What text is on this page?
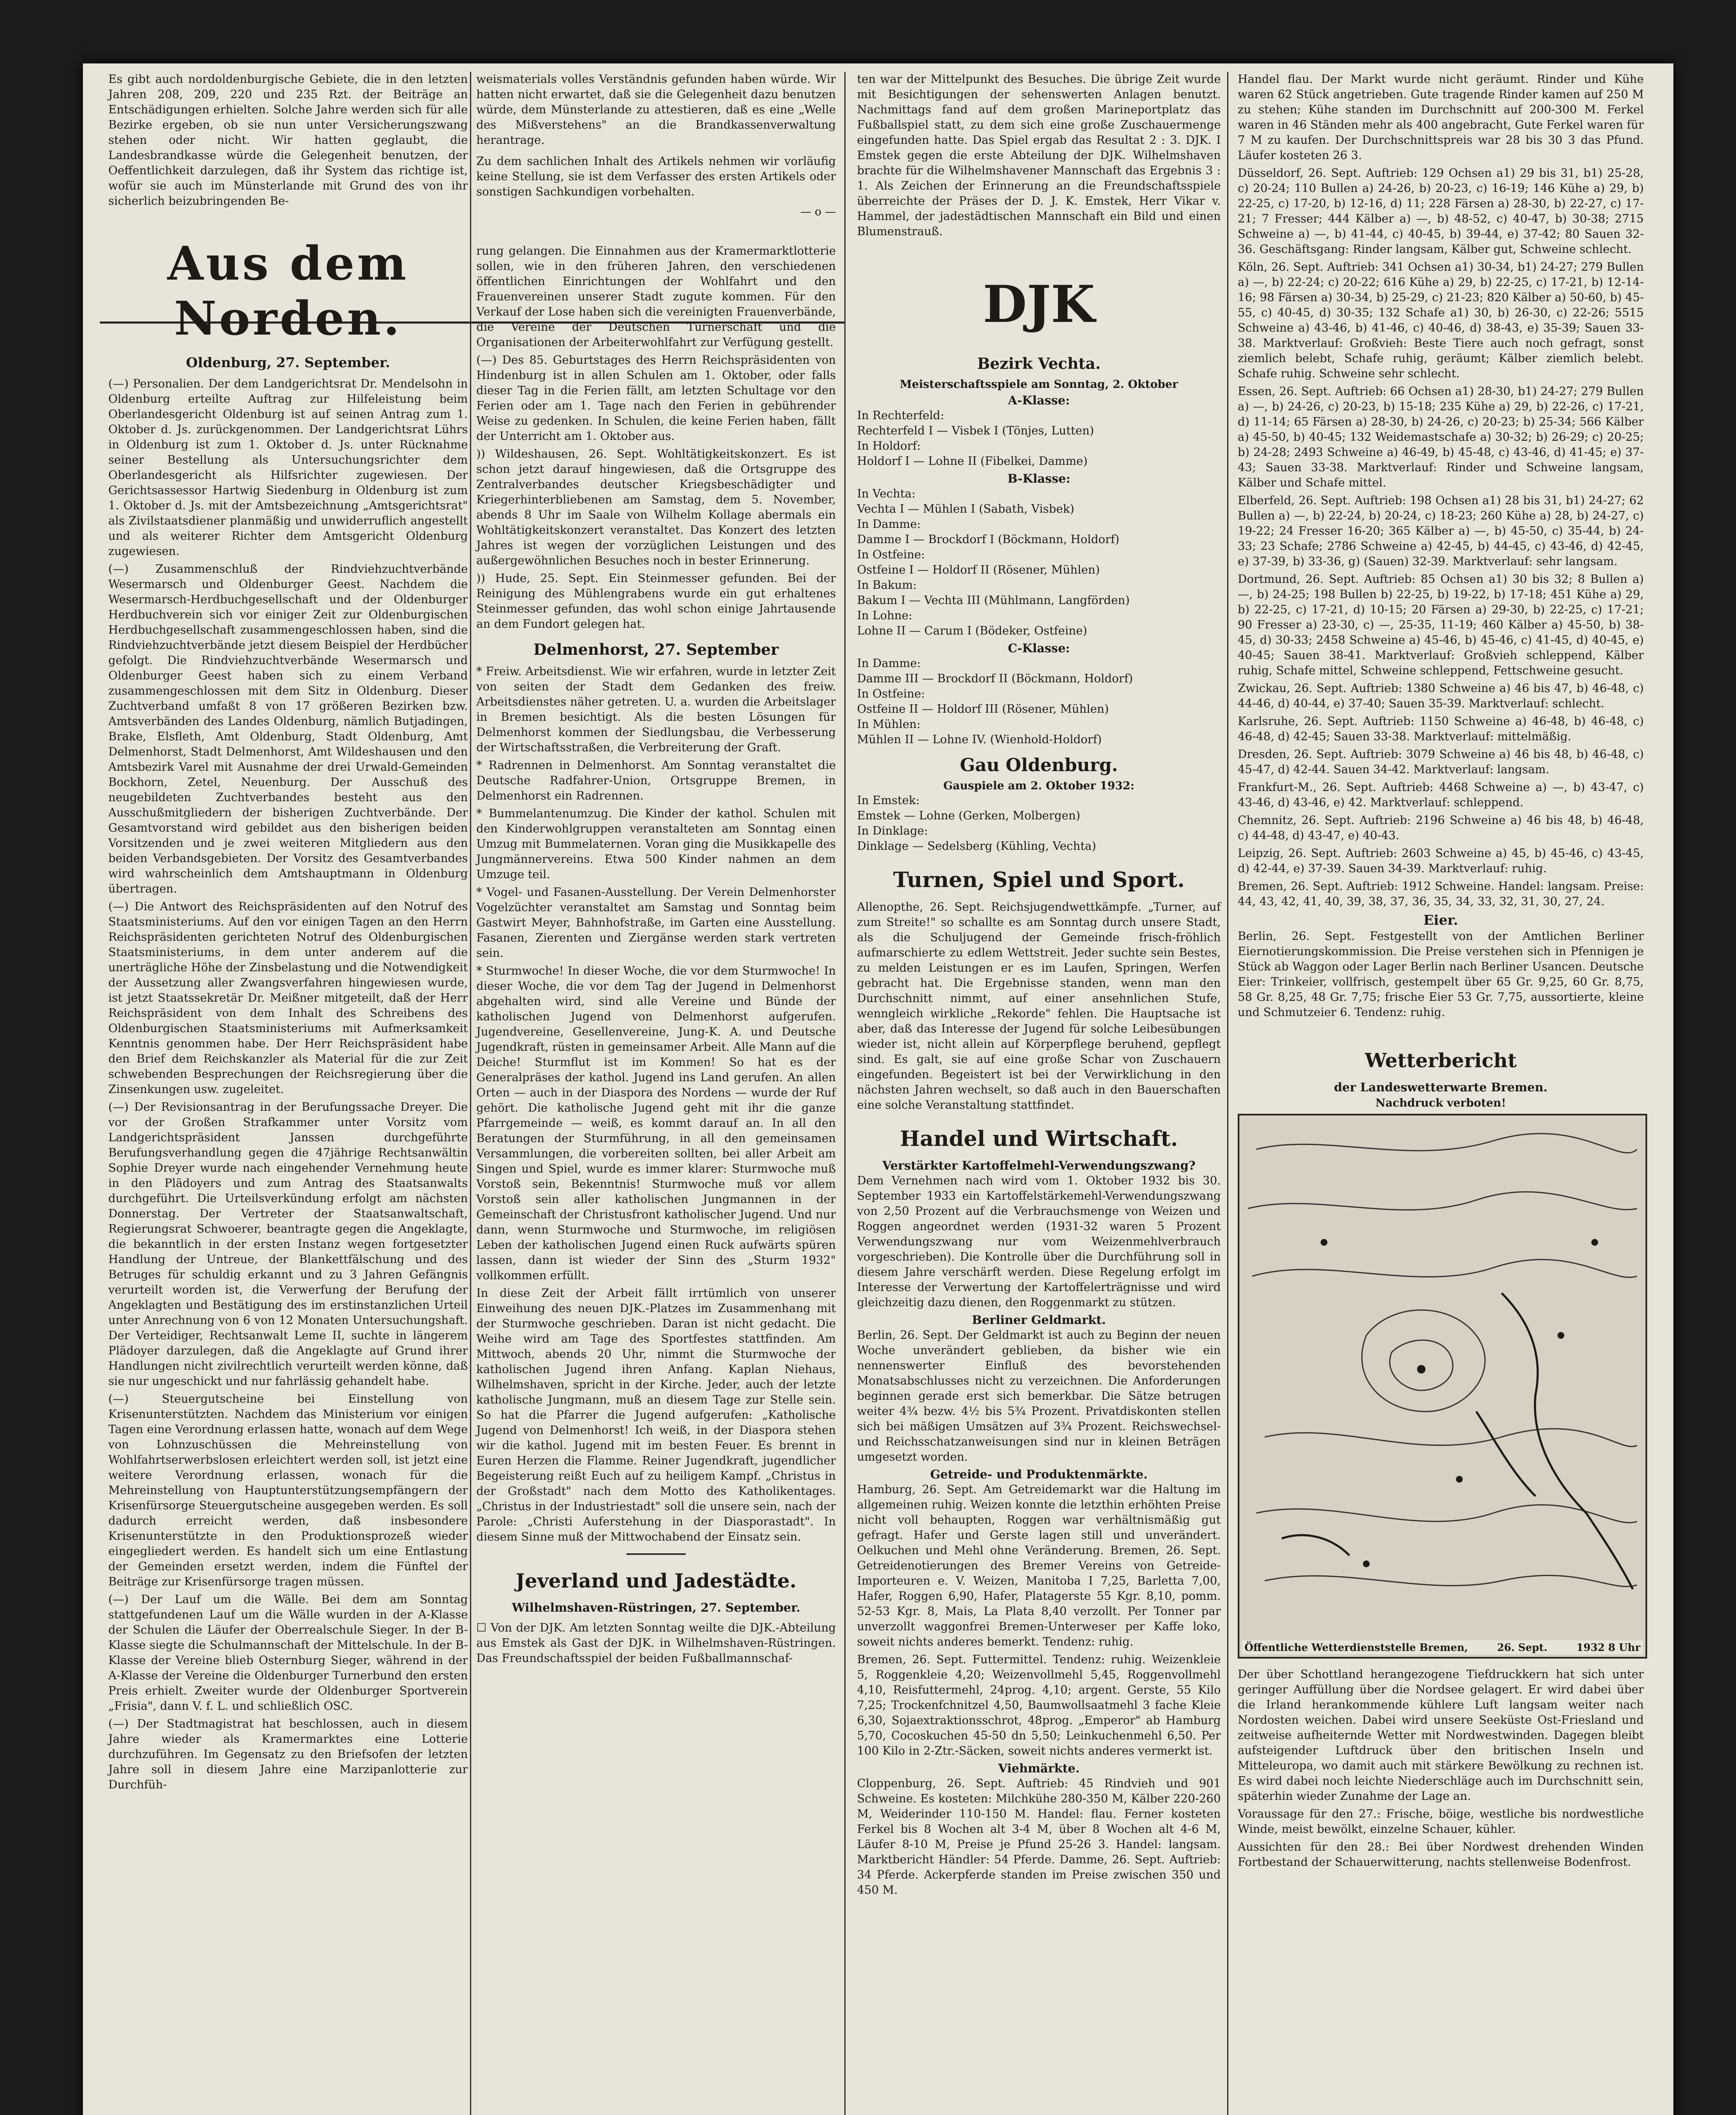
Es gibt auch nordoldenburgische Gebiete, die in den letzten Jahren 208, 209, 220 und 235 Rzt. der Beiträge an Entschädigungen erhielten. Solche Jahre werden sich für alle Bezirke ergeben, ob sie nun unter Versicherungszwang stehen oder nicht. Wir hatten geglaubt, die Landesbrandkasse würde die Gelegenheit benutzen, der Oeffentlichkeit darzulegen, daß ihr System das richtige ist, wofür sie auch im Münsterlande mit Grund des von ihr sicherlich beizubringenden Be-

Aus dem Norden.
Oldenburg, 27. September.

(—) Personalien. Der dem Landgerichtsrat Dr. Mendelsohn in Oldenburg erteilte Auftrag zur Hilfeleistung beim Oberlandesgericht Oldenburg ist auf seinen Antrag zum 1. Oktober d. Js. zurückgenommen. Der Landgerichtsrat Lührs in Oldenburg ist zum 1. Oktober d. Js. unter Rücknahme seiner Bestellung als Untersuchungsrichter dem Oberlandesgericht als Hilfsrichter zugewiesen. Der Gerichtsassessor Hartwig Siedenburg in Oldenburg ist zum 1. Oktober d. Js. mit der Amtsbezeichnung „Amtsgerichtsrat" als Zivilstaatsdiener planmäßig und unwiderruflich angestellt und als weiterer Richter dem Amtsgericht Oldenburg zugewiesen.

(—) Zusammenschluß der Rindviehzuchtverbände Wesermarsch und Oldenburger Geest. Nachdem die Wesermarsch-Herdbuchgesellschaft und der Oldenburger Herdbuchverein sich vor einiger Zeit zur Oldenburgischen Herdbuchgesellschaft zusammengeschlossen haben, sind die Rindviehzuchtverbände jetzt diesem Beispiel der Herdbücher gefolgt. Die Rindviehzuchtverbände Wesermarsch und Oldenburger Geest haben sich zu einem Verband zusammengeschlossen mit dem Sitz in Oldenburg. Dieser Zuchtverband umfaßt 8 von 17 größeren Bezirken bzw. Amtsverbänden des Landes Oldenburg, nämlich Butjadingen, Brake, Elsfleth, Amt Oldenburg, Stadt Oldenburg, Amt Delmenhorst, Stadt Delmenhorst, Amt Wildeshausen und den Amtsbezirk Varel mit Ausnahme der drei Urwald-Gemeinden Bockhorn, Zetel, Neuenburg. Der Ausschuß des neugebildeten Zuchtverbandes besteht aus den Ausschußmitgliedern der bisherigen Zuchtverbände. Der Gesamtvorstand wird gebildet aus den bisherigen beiden Vorsitzenden und je zwei weiteren Mitgliedern aus den beiden Verbandsgebieten. Der Vorsitz des Gesamtverbandes wird wahrscheinlich dem Amtshauptmann in Oldenburg übertragen.

(—) Die Antwort des Reichspräsidenten auf den Notruf des Staatsministeriums. Auf den vor einigen Tagen an den Herrn Reichspräsidenten gerichteten Notruf des Oldenburgischen Staatsministeriums, in dem unter anderem auf die unerträgliche Höhe der Zinsbelastung und die Notwendigkeit der Aussetzung aller Zwangsverfahren hingewiesen wurde, ist jetzt Staatssekretär Dr. Meißner mitgeteilt, daß der Herr Reichspräsident von dem Inhalt des Schreibens des Oldenburgischen Staatsministeriums mit Aufmerksamkeit Kenntnis genommen habe. Der Herr Reichspräsident habe den Brief dem Reichskanzler als Material für die zur Zeit schwebenden Besprechungen der Reichsregierung über die Zinsenkungen usw. zugeleitet.

(—) Der Revisionsantrag in der Berufungssache Dreyer. Die vor der Großen Strafkammer unter Vorsitz vom Landgerichtspräsident Janssen durchgeführte Berufungsverhandlung gegen die 47jährige Rechtsanwältin Sophie Dreyer wurde nach eingehender Vernehmung heute in den Plädoyers und zum Antrag des Staatsanwalts durchgeführt. Die Urteilsverkündung erfolgt am nächsten Donnerstag. Der Vertreter der Staatsanwaltschaft, Regierungsrat Schwoerer, beantragte gegen die Angeklagte, die bekanntlich in der ersten Instanz wegen fortgesetzter Handlung der Untreue, der Blankettfälschung und des Betruges für schuldig erkannt und zu 3 Jahren Gefängnis verurteilt worden ist, die Verwerfung der Berufung der Angeklagten und Bestätigung des im erstinstanzlichen Urteil unter Anrechnung von 6 von 12 Monaten Untersuchungshaft. Der Verteidiger, Rechtsanwalt Leme II, suchte in längerem Plädoyer darzulegen, daß die Angeklagte auf Grund ihrer Handlungen nicht zivilrechtlich verurteilt werden könne, daß sie nur ungeschickt und nur fahrlässig gehandelt habe.

(—) Steuergutscheine bei Einstellung von Krisenunterstützten. Nachdem das Ministerium vor einigen Tagen eine Verordnung erlassen hatte, wonach auf dem Wege von Lohnzuschüssen die Mehreinstellung von Wohlfahrtserwerbslosen erleichtert werden soll, ist jetzt eine weitere Verordnung erlassen, wonach für die Mehreinstellung von Hauptunterstützungsempfängern der Krisenfürsorge Steuergutscheine ausgegeben werden. Es soll dadurch erreicht werden, daß insbesondere Krisenunterstützte in den Produktionsprozeß wieder eingegliedert werden. Es handelt sich um eine Entlastung der Gemeinden ersetzt werden, indem die Fünftel der Beiträge zur Krisenfürsorge tragen müssen.

(—) Der Lauf um die Wälle. Bei dem am Sonntag stattgefundenen Lauf um die Wälle wurden in der A-Klasse der Schulen die Läufer der Oberrealschule Sieger. In der B-Klasse siegte die Schulmannschaft der Mittelschule. In der B-Klasse der Vereine blieb Osternburg Sieger, während in der A-Klasse der Vereine die Oldenburger Turnerbund den ersten Preis erhielt. Zweiter wurde der Oldenburger Sportverein „Frisia", dann V. f. L. und schließlich OSC.

(—) Der Stadtmagistrat hat beschlossen, auch in diesem Jahre wieder als Kramermarktes eine Lotterie durchzuführen. Im Gegensatz zu den Briefsofen der letzten Jahre soll in diesem Jahre eine Marzipanlotterie zur Durchfüh-

weismaterials volles Verständnis gefunden haben würde. Wir hatten nicht erwartet, daß sie die Gelegenheit dazu benutzen würde, dem Münsterlande zu attestieren, daß es eine „Welle des Mißverstehens" an die Brandkassenverwaltung herantrage.

Zu dem sachlichen Inhalt des Artikels nehmen wir vorläufig keine Stellung, sie ist dem Verfasser des ersten Artikels oder sonstigen Sachkundigen vorbehalten.

— o —

rung gelangen. Die Einnahmen aus der Kramermarktlotterie sollen, wie in den früheren Jahren, den verschiedenen öffentlichen Einrichtungen der Wohlfahrt und den Frauenvereinen unserer Stadt zugute kommen. Für den Verkauf der Lose haben sich die vereinigten Frauenverbände, die Vereine der Deutschen Turnerschaft und die Organisationen der Arbeiterwohlfahrt zur Verfügung gestellt.

(—) Des 85. Geburtstages des Herrn Reichspräsidenten von Hindenburg ist in allen Schulen am 1. Oktober, oder falls dieser Tag in die Ferien fällt, am letzten Schultage vor den Ferien oder am 1. Tage nach den Ferien in gebührender Weise zu gedenken. In Schulen, die keine Ferien haben, fällt der Unterricht am 1. Oktober aus.

)) Wildeshausen, 26. Sept. Wohltätigkeitskonzert. Es ist schon jetzt darauf hingewiesen, daß die Ortsgruppe des Zentralverbandes deutscher Kriegsbeschädigter und Kriegerhinterbliebenen am Samstag, dem 5. November, abends 8 Uhr im Saale von Wilhelm Kollage abermals ein Wohltätigkeitskonzert veranstaltet. Das Konzert des letzten Jahres ist wegen der vorzüglichen Leistungen und des außergewöhnlichen Besuches noch in bester Erinnerung.

)) Hude, 25. Sept. Ein Steinmesser gefunden. Bei der Reinigung des Mühlengrabens wurde ein gut erhaltenes Steinmesser gefunden, das wohl schon einige Jahrtausende an dem Fundort gelegen hat.

Delmenhorst, 27. September

* Freiw. Arbeitsdienst. Wie wir erfahren, wurde in letzter Zeit von seiten der Stadt dem Gedanken des freiw. Arbeitsdienstes näher getreten. U. a. wurden die Arbeitslager in Bremen besichtigt. Als die besten Lösungen für Delmenhorst kommen der Siedlungsbau, die Verbesserung der Wirtschaftsstraßen, die Verbreiterung der Graft.

* Radrennen in Delmenhorst. Am Sonntag veranstaltet die Deutsche Radfahrer-Union, Ortsgruppe Bremen, in Delmenhorst ein Radrennen.

* Bummelantenumzug. Die Kinder der kathol. Schulen mit den Kinderwohlgruppen veranstalteten am Sonntag einen Umzug mit Bummelaternen. Voran ging die Musikkapelle des Jungmännervereins. Etwa 500 Kinder nahmen an dem Umzuge teil.

* Vogel- und Fasanen-Ausstellung. Der Verein Delmenhorster Vogelzüchter veranstaltet am Samstag und Sonntag beim Gastwirt Meyer, Bahnhofstraße, im Garten eine Ausstellung. Fasanen, Zierenten und Ziergänse werden stark vertreten sein.

* Sturmwoche! In dieser Woche, die vor dem Sturmwoche! In dieser Woche, die vor dem Tag der Jugend in Delmenhorst abgehalten wird, sind alle Vereine und Bünde der katholischen Jugend von Delmenhorst aufgerufen. Jugendvereine, Gesellenvereine, Jung-K. A. und Deutsche Jugendkraft, rüsten in gemeinsamer Arbeit. Alle Mann auf die Deiche! Sturmflut ist im Kommen! So hat es der Generalpräses der kathol. Jugend ins Land gerufen. An allen Orten — auch in der Diaspora des Nordens — wurde der Ruf gehört. Die katholische Jugend geht mit ihr die ganze Pfarrgemeinde — weiß, es kommt darauf an. In all den Beratungen der Sturmführung, in all den gemeinsamen Versammlungen, die vorbereiten sollten, bei aller Arbeit am Singen und Spiel, wurde es immer klarer: Sturmwoche muß Vorstoß sein, Bekenntnis! Sturmwoche muß vor allem Vorstoß sein aller katholischen Jungmannen in der Gemeinschaft der Christusfront katholischer Jugend. Und nur dann, wenn Sturmwoche und Sturmwoche, im religiösen Leben der katholischen Jugend einen Ruck aufwärts spüren lassen, dann ist wieder der Sinn des „Sturm 1932" vollkommen erfüllt.

In diese Zeit der Arbeit fällt irrtümlich von unserer Einweihung des neuen DJK.-Platzes im Zusammenhang mit der Sturmwoche geschrieben. Daran ist nicht gedacht. Die Weihe wird am Tage des Sportfestes stattfinden. Am Mittwoch, abends 20 Uhr, nimmt die Sturmwoche der katholischen Jugend ihren Anfang. Kaplan Niehaus, Wilhelmshaven, spricht in der Kirche. Jeder, auch der letzte katholische Jungmann, muß an diesem Tage zur Stelle sein. So hat die Pfarrer die Jugend aufgerufen: „Katholische Jugend von Delmenhorst! Ich weiß, in der Diaspora stehen wir die kathol. Jugend mit im besten Feuer. Es brennt in Euren Herzen die Flamme. Reiner Jugendkraft, jugendlicher Begeisterung reißt Euch auf zu heiligem Kampf. „Christus in der Großstadt" nach dem Motto des Katholikentages. „Christus in der Industriestadt" soll die unsere sein, nach der Parole: „Christi Auferstehung in der Diasporastadt". In diesem Sinne muß der Mittwochabend der Einsatz sein.

Jeverland und Jadestädte.
Wilhelmshaven-Rüstringen, 27. September.

☐ Von der DJK. Am letzten Sonntag weilte die DJK.-Abteilung aus Emstek als Gast der DJK. in Wilhelmshaven-Rüstringen. Das Freundschaftsspiel der beiden Fußballmannschaf-

ten war der Mittelpunkt des Besuches. Die übrige Zeit wurde mit Besichtigungen der sehenswerten Anlagen benutzt. Nachmittags fand auf dem großen Marineportplatz das Fußballspiel statt, zu dem sich eine große Zuschauermenge eingefunden hatte. Das Spiel ergab das Resultat 2 : 3. DJK. I Emstek gegen die erste Abteilung der DJK. Wilhelmshaven brachte für die Wilhelmshavener Mannschaft das Ergebnis 3 : 1. Als Zeichen der Erinnerung an die Freundschaftsspiele überreichte der Präses der D. J. K. Emstek, Herr Vikar v. Hammel, der jadestädtischen Mannschaft ein Bild und einen Blumenstrauß.

DJK
Bezirk Vechta.
Meisterschaftsspiele am Sonntag, 2. Oktober
A-Klasse:

In Rechterfeld:

Rechterfeld I — Visbek I (Tönjes, Lutten)

In Holdorf:

Holdorf I — Lohne II (Fibelkei, Damme)

B-Klasse:

In Vechta:

Vechta I — Mühlen I (Sabath, Visbek)

In Damme:

Damme I — Brockdorf I (Böckmann, Holdorf)

In Ostfeine:

Ostfeine I — Holdorf II (Rösener, Mühlen)

In Bakum:

Bakum I — Vechta III (Mühlmann, Langförden)

In Lohne:

Lohne II — Carum I (Bödeker, Ostfeine)

C-Klasse:

In Damme:

Damme III — Brockdorf II (Böckmann, Holdorf)

In Ostfeine:

Ostfeine II — Holdorf III (Rösener, Mühlen)

In Mühlen:

Mühlen II — Lohne IV. (Wienhold-Holdorf)

Gau Oldenburg.
Gauspiele am 2. Oktober 1932:

In Emstek:

Emstek — Lohne (Gerken, Molbergen)

In Dinklage:

Dinklage — Sedelsberg (Kühling, Vechta)

Turnen, Spiel und Sport.

Allenopthe, 26. Sept. Reichsjugendwettkämpfe. „Turner, auf zum Streite!" so schallte es am Sonntag durch unsere Stadt, als die Schuljugend der Gemeinde frisch-fröhlich aufmarschierte zu edlem Wettstreit. Jeder suchte sein Bestes, zu melden Leistungen er es im Laufen, Springen, Werfen gebracht hat. Die Ergebnisse standen, wenn man den Durchschnitt nimmt, auf einer ansehnlichen Stufe, wenngleich wirkliche „Rekorde" fehlen. Die Hauptsache ist aber, daß das Interesse der Jugend für solche Leibesübungen wieder ist, nicht allein auf Körperpflege beruhend, gepflegt sind. Es galt, sie auf eine große Schar von Zuschauern eingefunden. Begeistert ist bei der Verwirklichung in den nächsten Jahren wechselt, so daß auch in den Bauerschaften eine solche Veranstaltung stattfindet.

Handel und Wirtschaft.
Verstärkter Kartoffelmehl-Verwendungszwang?

Dem Vernehmen nach wird vom 1. Oktober 1932 bis 30. September 1933 ein Kartoffelstärkemehl-Verwendungszwang von 2,50 Prozent auf die Verbrauchsmenge von Weizen und Roggen angeordnet werden (1931-32 waren 5 Prozent Verwendungszwang nur vom Weizenmehlverbrauch vorgeschrieben). Die Kontrolle über die Durchführung soll in diesem Jahre verschärft werden. Diese Regelung erfolgt im Interesse der Verwertung der Kartoffelerträgnisse und wird gleichzeitig dazu dienen, den Roggenmarkt zu stützen.

Berliner Geldmarkt.

Berlin, 26. Sept. Der Geldmarkt ist auch zu Beginn der neuen Woche unverändert geblieben, da bisher wie ein nennenswerter Einfluß des bevorstehenden Monatsabschlusses nicht zu verzeichnen. Die Anforderungen beginnen gerade erst sich bemerkbar. Die Sätze betrugen weiter 4¾ bezw. 4½ bis 5¾ Prozent. Privatdiskonten stellen sich bei mäßigen Umsätzen auf 3¾ Prozent. Reichswechsel- und Reichsschatzanweisungen sind nur in kleinen Beträgen umgesetzt worden.

Getreide- und Produktenmärkte.

Hamburg, 26. Sept. Am Getreidemarkt war die Haltung im allgemeinen ruhig. Weizen konnte die letzthin erhöhten Preise nicht voll behaupten, Roggen war verhältnismäßig gut gefragt. Hafer und Gerste lagen still und unverändert. Oelkuchen und Mehl ohne Veränderung. Bremen, 26. Sept. Getreidenotierungen des Bremer Vereins von Getreide-Importeuren e. V. Weizen, Manitoba I 7,25, Barletta 7,00, Hafer, Roggen 6,90, Hafer, Platagerste 55 Kgr. 8,10, pomm. 52-53 Kgr. 8, Mais, La Plata 8,40 verzollt. Per Tonner par unverzollt waggonfrei Bremen-Unterweser per Kaffe loko, soweit nichts anderes bemerkt. Tendenz: ruhig.

Bremen, 26. Sept. Futtermittel. Tendenz: ruhig. Weizenkleie 5, Roggenkleie 4,20; Weizenvollmehl 5,45, Roggenvollmehl 4,10, Reisfuttermehl, 24prog. 4,10; argent. Gerste, 55 Kilo 7,25; Trockenfchnitzel 4,50, Baumwollsaatmehl 3 fache Kleie 6,30, Sojaextraktionsschrot, 48prog. „Emperor" ab Hamburg 5,70, Cocoskuchen 45-50 dn 5,50; Leinkuchenmehl 6,50. Per 100 Kilo in 2-Ztr.-Säcken, soweit nichts anderes vermerkt ist.

Viehmärkte.

Cloppenburg, 26. Sept. Auftrieb: 45 Rindvieh und 901 Schweine. Es kosteten: Milchkühe 280-350 M, Kälber 220-260 M, Weiderinder 110-150 M. Handel: flau. Ferner kosteten Ferkel bis 8 Wochen alt 3-4 M, über 8 Wochen alt 4-6 M, Läufer 8-10 M, Preise je Pfund 25-26 3. Handel: langsam. Marktbericht Händler: 54 Pferde. Damme, 26. Sept. Auftrieb: 34 Pferde. Ackerpferde standen im Preise zwischen 350 und 450 M.

Handel flau. Der Markt wurde nicht geräumt. Rinder und Kühe waren 62 Stück angetrieben. Gute tragende Rinder kamen auf 250 M zu stehen; Kühe standen im Durchschnitt auf 200-300 M. Ferkel waren in 46 Ständen mehr als 400 angebracht, Gute Ferkel waren für 7 M zu kaufen. Der Durchschnittspreis war 28 bis 30 3 das Pfund. Läufer kosteten 26 3.

Düsseldorf, 26. Sept. Auftrieb: 129 Ochsen a1) 29 bis 31, b1) 25-28, c) 20-24; 110 Bullen a) 24-26, b) 20-23, c) 16-19; 146 Kühe a) 29, b) 22-25, c) 17-20, b) 12-16, d) 11; 228 Färsen a) 28-30, b) 22-27, c) 17-21; 7 Fresser; 444 Kälber a) —, b) 48-52, c) 40-47, b) 30-38; 2715 Schweine a) —, b) 41-44, c) 40-45, b) 39-44, e) 37-42; 80 Sauen 32-36. Geschäftsgang: Rinder langsam, Kälber gut, Schweine schlecht.

Köln, 26. Sept. Auftrieb: 341 Ochsen a1) 30-34, b1) 24-27; 279 Bullen a) —, b) 22-24; c) 20-22; 616 Kühe a) 29, b) 22-25, c) 17-21, b) 12-14-16; 98 Färsen a) 30-34, b) 25-29, c) 21-23; 820 Kälber a) 50-60, b) 45-55, c) 40-45, d) 30-35; 132 Schafe a1) 30, b) 26-30, c) 22-26; 5515 Schweine a) 43-46, b) 41-46, c) 40-46, d) 38-43, e) 35-39; Sauen 33-38. Marktverlauf: Großvieh: Beste Tiere auch noch gefragt, sonst ziemlich belebt, Schafe ruhig, geräumt; Kälber ziemlich belebt. Schafe ruhig. Schweine sehr schlecht.

Essen, 26. Sept. Auftrieb: 66 Ochsen a1) 28-30, b1) 24-27; 279 Bullen a) —, b) 24-26, c) 20-23, b) 15-18; 235 Kühe a) 29, b) 22-26, c) 17-21, d) 11-14; 65 Färsen a) 28-30, b) 24-26, c) 20-23; b) 25-34; 566 Kälber a) 45-50, b) 40-45; 132 Weidemastschafe a) 30-32; b) 26-29; c) 20-25; b) 24-28; 2493 Schweine a) 46-49, b) 45-48, c) 43-46, d) 41-45; e) 37-43; Sauen 33-38. Marktverlauf: Rinder und Schweine langsam, Kälber und Schafe mittel.

Elberfeld, 26. Sept. Auftrieb: 198 Ochsen a1) 28 bis 31, b1) 24-27; 62 Bullen a) —, b) 22-24, b) 20-24, c) 18-23; 260 Kühe a) 28, b) 24-27, c) 19-22; 24 Fresser 16-20; 365 Kälber a) —, b) 45-50, c) 35-44, b) 24-33; 23 Schafe; 2786 Schweine a) 42-45, b) 44-45, c) 43-46, d) 42-45, e) 37-39, b) 33-36, g) (Sauen) 32-39. Marktverlauf: sehr langsam.

Dortmund, 26. Sept. Auftrieb: 85 Ochsen a1) 30 bis 32; 8 Bullen a) —, b) 24-25; 198 Bullen b) 22-25, b) 19-22, b) 17-18; 451 Kühe a) 29, b) 22-25, c) 17-21, d) 10-15; 20 Färsen a) 29-30, b) 22-25, c) 17-21; 90 Fresser a) 23-30, c) —, 25-35, 11-19; 460 Kälber a) 45-50, b) 38-45, d) 30-33; 2458 Schweine a) 45-46, b) 45-46, c) 41-45, d) 40-45, e) 40-45; Sauen 38-41. Marktverlauf: Großvieh schleppend, Kälber ruhig, Schafe mittel, Schweine schleppend, Fettschweine gesucht.

Zwickau, 26. Sept. Auftrieb: 1380 Schweine a) 46 bis 47, b) 46-48, c) 44-46, d) 40-44, e) 37-40; Sauen 35-39. Marktverlauf: schlecht.

Karlsruhe, 26. Sept. Auftrieb: 1150 Schweine a) 46-48, b) 46-48, c) 46-48, d) 42-45; Sauen 33-38. Marktverlauf: mittelmäßig.

Dresden, 26. Sept. Auftrieb: 3079 Schweine a) 46 bis 48, b) 46-48, c) 45-47, d) 42-44. Sauen 34-42. Marktverlauf: langsam.

Frankfurt-M., 26. Sept. Auftrieb: 4468 Schweine a) —, b) 43-47, c) 43-46, d) 43-46, e) 42. Marktverlauf: schleppend.

Chemnitz, 26. Sept. Auftrieb: 2196 Schweine a) 46 bis 48, b) 46-48, c) 44-48, d) 43-47, e) 40-43.

Leipzig, 26. Sept. Auftrieb: 2603 Schweine a) 45, b) 45-46, c) 43-45, d) 42-44, e) 37-39. Sauen 34-39. Marktverlauf: ruhig.

Bremen, 26. Sept. Auftrieb: 1912 Schweine. Handel: langsam. Preise: 44, 43, 42, 41, 40, 39, 38, 37, 36, 35, 34, 33, 32, 31, 30, 27, 24.

Eier.

Berlin, 26. Sept. Festgestellt von der Amtlichen Berliner Eiernotierungskommission. Die Preise verstehen sich in Pfennigen je Stück ab Waggon oder Lager Berlin nach Berliner Usancen. Deutsche Eier: Trinkeier, vollfrisch, gestempelt über 65 Gr. 9,25, 60 Gr. 8,75, 58 Gr. 8,25, 48 Gr. 7,75; frische Eier 53 Gr. 7,75, aussortierte, kleine und Schmutzeier 6. Tendenz: ruhig.

Wetterbericht
der Landeswetterwarte Bremen.
Nachdruck verboten!
Öffentliche Wetterdienststelle Bremen,	26. Sept.	1932 8 Uhr

Der über Schottland herangezogene Tiefdruckkern hat sich unter geringer Auffüllung über die Nordsee gelagert. Er wird dabei über die Irland herankommende kühlere Luft langsam weiter nach Nordosten weichen. Dabei wird unsere Seeküste Ost-Friesland und zeitweise aufheiternde Wetter mit Nordwestwinden. Dagegen bleibt aufsteigender Luftdruck über den britischen Inseln und Mitteleuropa, wo damit auch mit stärkere Bewölkung zu rechnen ist. Es wird dabei noch leichte Niederschläge auch im Durchschnitt sein, späterhin wieder Zunahme der Lage an.

Voraussage für den 27.: Frische, böige, westliche bis nordwestliche Winde, meist bewölkt, einzelne Schauer, kühler.

Aussichten für den 28.: Bei über Nordwest drehenden Winden Fortbestand der Schauerwitterung, nachts stellenweise Bodenfrost.
